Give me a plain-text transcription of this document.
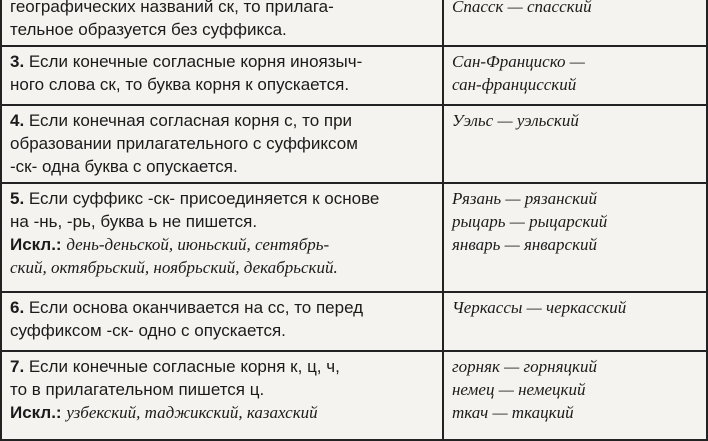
географических названий ск, то прилага-
тельное образуется без суффикса.	Спасск — спасский

3. Если конечные согласные корня иноязыч-
ного слова ск, то буква корня к опускается.	Сан-Франциско —
сан-францисский

4. Если конечная согласная корня с, то при
образовании прилагательного с суффиксом
-ск- одна буква с опускается.	Уэльс — уэльский

5. Если суффикс -ск- присоединяется к основе
на -нь, -рь, буква ь не пишется.
Искл.: день-деньской, июньский, сентябрь-
ский, октябрьский, ноябрьский, декабрьский.	Рязань — рязанский
рыцарь — рыцарский
январь — январский

6. Если основа оканчивается на сс, то перед
суффиксом -ск- одно с опускается.	Черкассы — черкасский

7. Если конечные согласные корня к, ц, ч,
то в прилагательном пишется ц.
Искл.: узбекский, таджикский, казахский	горняк — горняцкий
немец — немецкий
ткач — ткацкий
